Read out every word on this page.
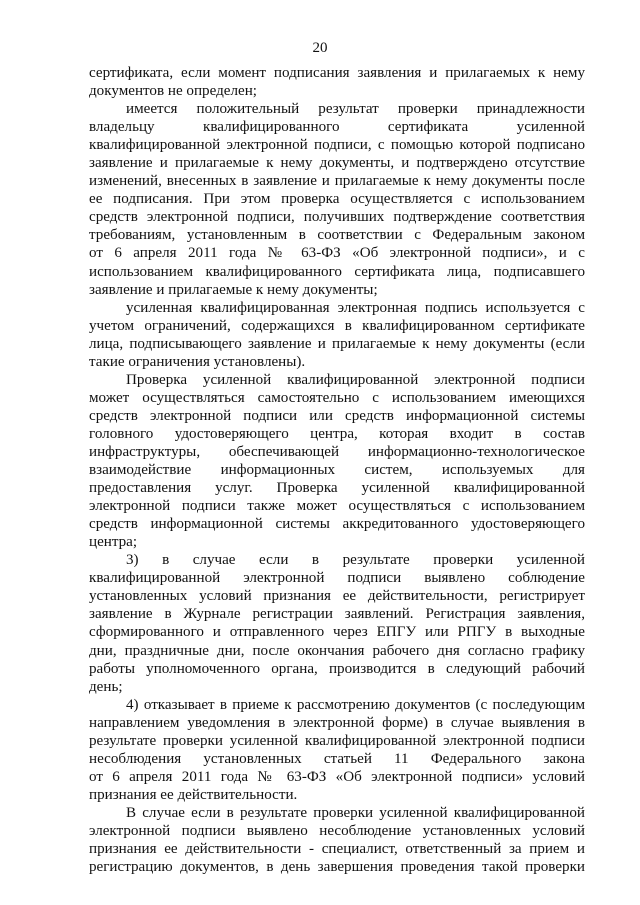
20
сертификата, если момент подписания заявления и прилагаемых к нему
документов не определен;
имеется положительный результат проверки принадлежности
владельцу квалифицированного сертификата усиленной
квалифицированной электронной подписи, с помощью которой подписано
заявление и прилагаемые к нему документы, и подтверждено отсутствие
изменений, внесенных в заявление и прилагаемые к нему документы после
ее подписания. При этом проверка осуществляется с использованием
средств электронной подписи, получивших подтверждение соответствия
требованиям, установленным в соответствии с Федеральным законом
от 6 апреля 2011 года № 63-ФЗ «Об электронной подписи», и с
использованием квалифицированного сертификата лица, подписавшего
заявление и прилагаемые к нему документы;
усиленная квалифицированная электронная подпись используется с
учетом ограничений, содержащихся в квалифицированном сертификате
лица, подписывающего заявление и прилагаемые к нему документы (если
такие ограничения установлены).
Проверка усиленной квалифицированной электронной подписи
может осуществляться самостоятельно с использованием имеющихся
средств электронной подписи или средств информационной системы
головного удостоверяющего центра, которая входит в состав
инфраструктуры, обеспечивающей информационно-технологическое
взаимодействие информационных систем, используемых для
предоставления услуг. Проверка усиленной квалифицированной
электронной подписи также может осуществляться с использованием
средств информационной системы аккредитованного удостоверяющего
центра;
3) в случае если в результате проверки усиленной
квалифицированной электронной подписи выявлено соблюдение
установленных условий признания ее действительности, регистрирует
заявление в Журнале регистрации заявлений. Регистрация заявления,
сформированного и отправленного через ЕПГУ или РПГУ в выходные
дни, праздничные дни, после окончания рабочего дня согласно графику
работы уполномоченного органа, производится в следующий рабочий
день;
4) отказывает в приеме к рассмотрению документов (с последующим
направлением уведомления в электронной форме) в случае выявления в
результате проверки усиленной квалифицированной электронной подписи
несоблюдения установленных статьей 11 Федерального закона
от 6 апреля 2011 года № 63-ФЗ «Об электронной подписи» условий
признания ее действительности.
В случае если в результате проверки усиленной квалифицированной
электронной подписи выявлено несоблюдение установленных условий
признания ее действительности - специалист, ответственный за прием и
регистрацию документов, в день завершения проведения такой проверки
